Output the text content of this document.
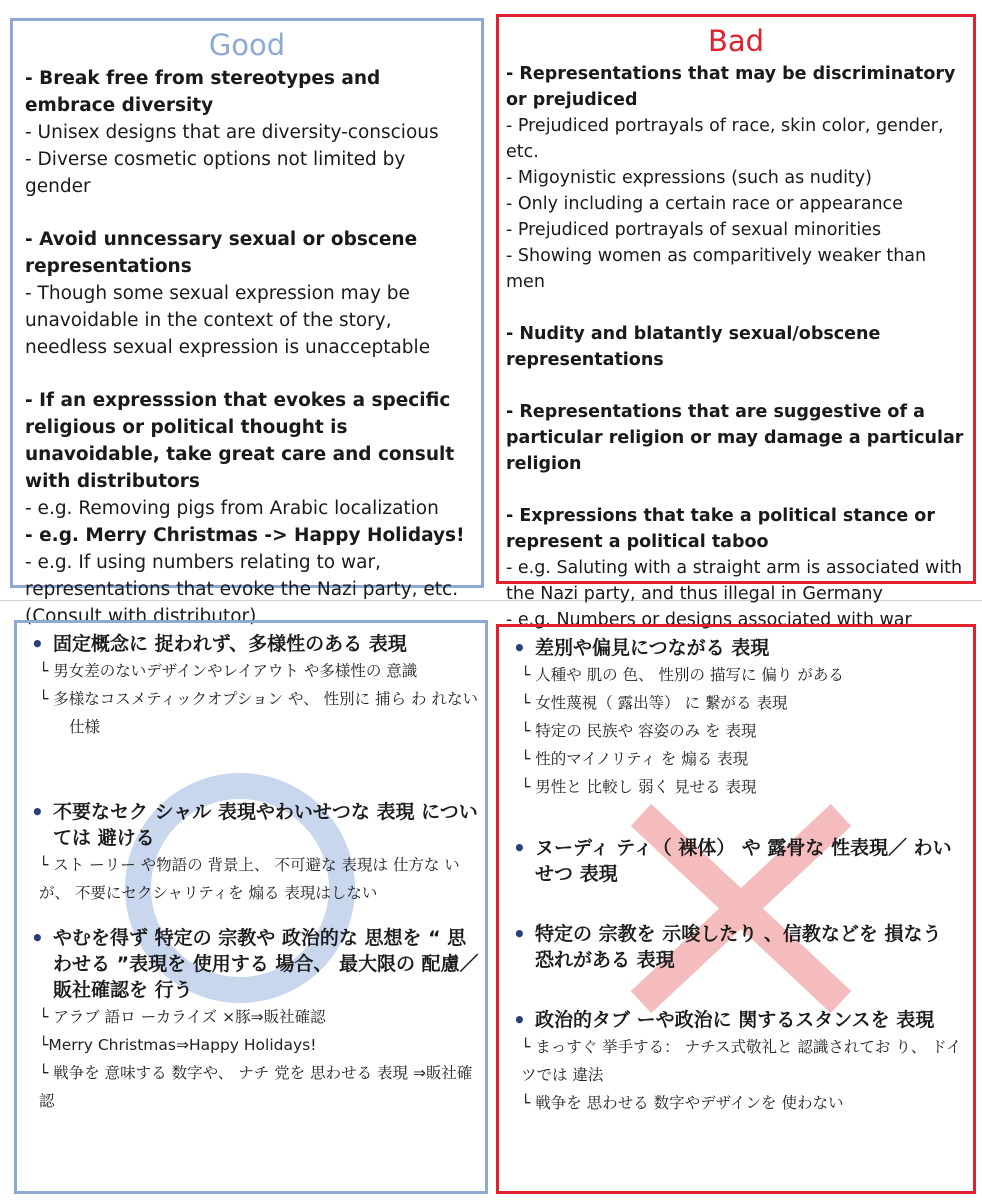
Good
- Break free from stereotypes and embrace diversity
- Unisex designs that are diversity-conscious
- Diverse cosmetic options not limited by gender
- Avoid unncessary sexual or obscene representations
- Though some sexual expression may be unavoidable in the context of the story, needless sexual expression is unacceptable
- If an expresssion that evokes a specific religious or political thought is unavoidable, take great care and consult with distributors
- e.g. Removing pigs from Arabic localization
- e.g. Merry Christmas -> Happy Holidays!
- e.g. If using numbers relating to war, representations that evoke the Nazi party, etc. (Consult with distributor)
Bad
- Representations that may be discriminatory or prejudiced
- Prejudiced portrayals of race, skin color, gender, etc.
- Migoynistic expressions (such as nudity)
- Only including a certain race or appearance
- Prejudiced portrayals of sexual minorities
- Showing women as comparitively weaker than men
- Nudity and blatantly sexual/obscene representations
- Representations that are suggestive of a particular religion or may damage a particular religion
- Expressions that take a political stance or represent a political taboo
- e.g. Saluting with a straight arm is associated with the Nazi party, and thus illegal in Germany
- e.g. Numbers or designs associated with war
• 固定概念に 捉われず、多様性のある 表現
└ 男女差のないデザインやレイアウト や多様性の 意識
└ 多様なコスメティックオプション や、 性別に 捕ら わ れない
仕様
• 不要なセク シャル 表現やわいせつな 表現 については 避ける
└ スト ーリー や物語の 背景上、 不可避な 表現は 仕方な いが、 不要にセクシャリティを 煽る 表現はしない
• やむを得ず 特定の 宗教や 政治的な 思想を “ 思わせる ”表現を 使用する 場合、 最大限の 配慮／販社確認を 行う
└ アラブ 語ロ ーカライズ ×豚⇒販社確認
└Merry Christmas⇒Happy Holidays!
└ 戦争を 意味する 数字や、 ナチ 党を 思わせる 表現 ⇒販社確認
• 差別や偏見につながる 表現
└ 人種や 肌の 色、 性別の 描写に 偏り がある
└ 女性蔑視（ 露出等） に 繋がる 表現
└ 特定の 民族や 容姿のみ を 表現
└ 性的マイノリティ を 煽る 表現
└ 男性と 比較し 弱く 見せる 表現
• ヌーディ ティ（ 裸体） や 露骨な 性表現／ わいせつ 表現
• 特定の 宗教を 示唆したり 、信教などを 損なう 恐れがある 表現
• 政治的タブ ーや政治に 関するスタンスを 表現
└ まっすぐ 挙手する： ナチス式敬礼と 認識されてお り、 ドイツでは 違法
└ 戦争を 思わせる 数字やデザインを 使わない
